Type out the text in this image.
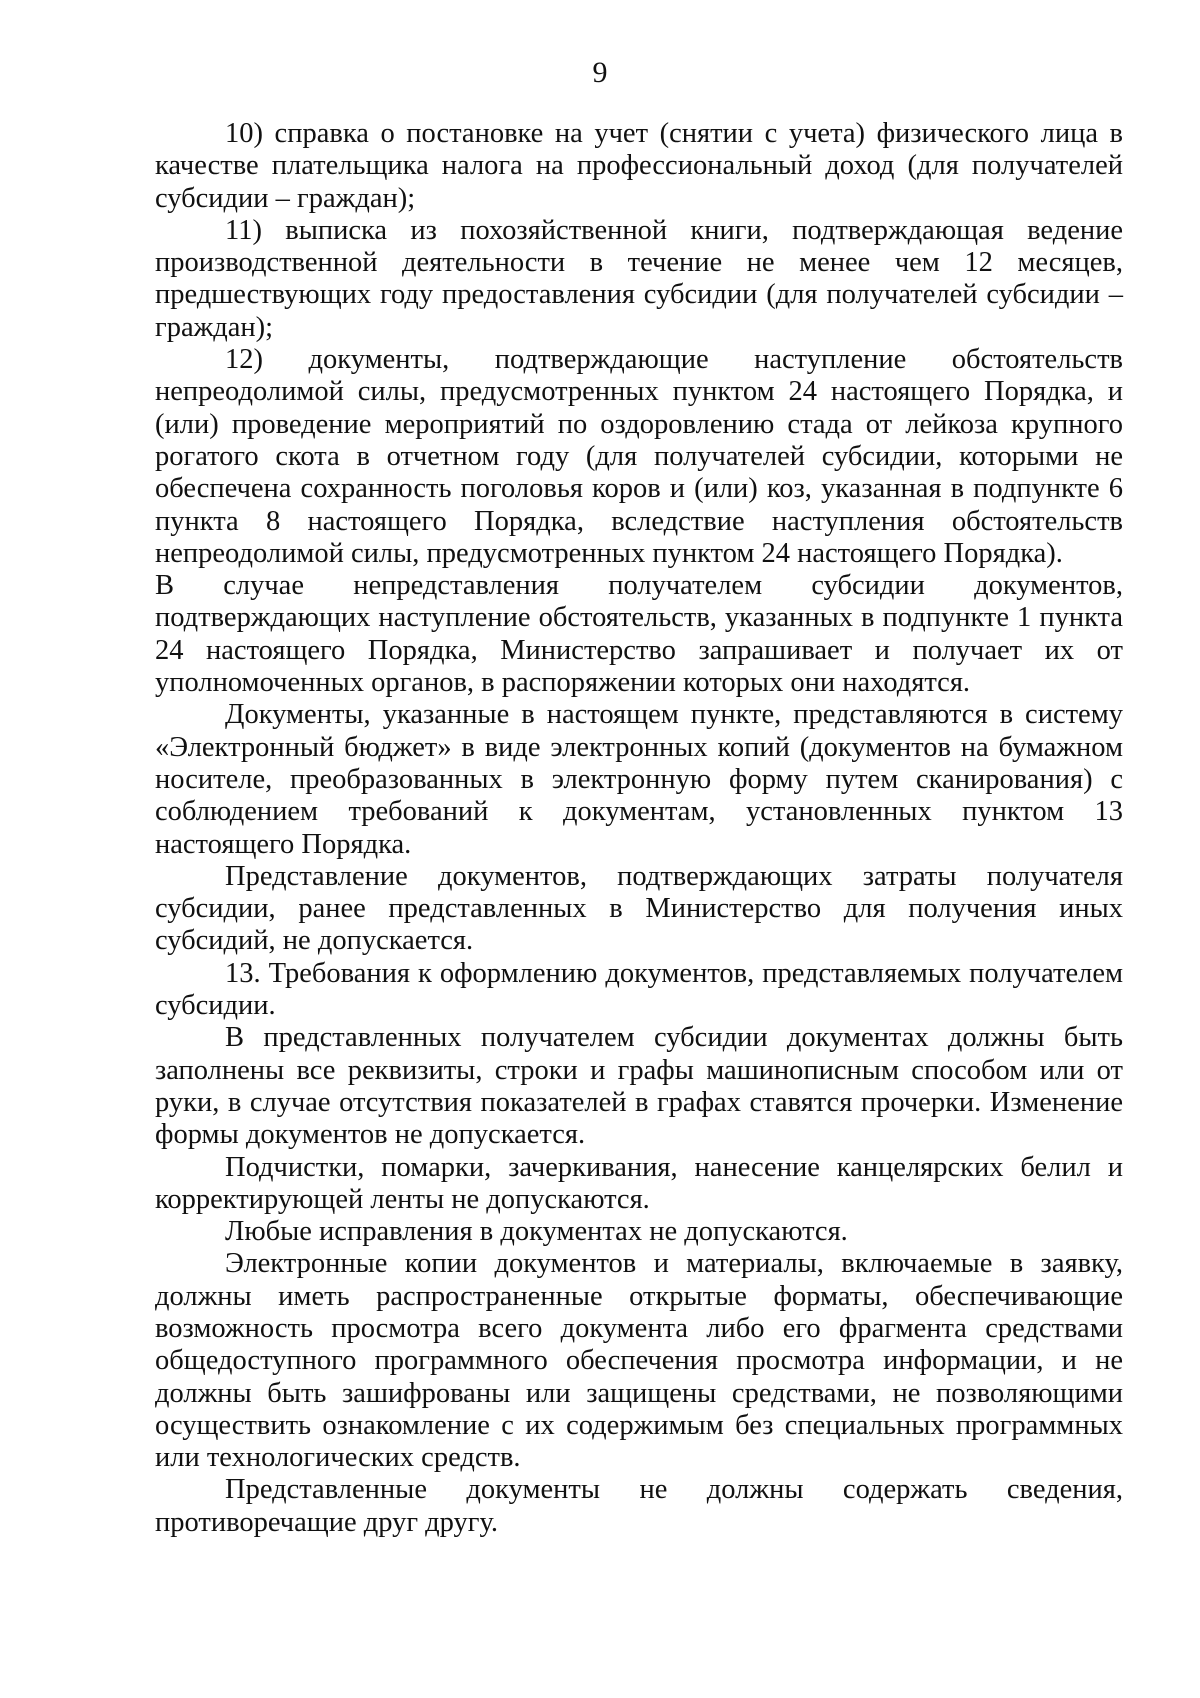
9

10) справка о постановке на учет (снятии с учета) физического лица в качестве плательщика налога на профессиональный доход (для получателей субсидии – граждан);

11) выписка из похозяйственной книги, подтверждающая ведение производственной деятельности в течение не менее чем 12 месяцев, предшествующих году предоставления субсидии (для получателей субсидии – граждан);

12) документы, подтверждающие наступление обстоятельств непреодолимой силы, предусмотренных пунктом 24 настоящего Порядка, и (или) проведение мероприятий по оздоровлению стада от лейкоза крупного рогатого скота в отчетном году (для получателей субсидии, которыми не обеспечена сохранность поголовья коров и (или) коз, указанная в подпункте 6 пункта 8 настоящего Порядка, вследствие наступления обстоятельств непреодолимой силы, предусмотренных пунктом 24 настоящего Порядка).

В случае непредставления получателем субсидии документов, подтверждающих наступление обстоятельств, указанных в подпункте 1 пункта 24 настоящего Порядка, Министерство запрашивает и получает их от уполномоченных органов, в распоряжении которых они находятся.

Документы, указанные в настоящем пункте, представляются в систему «Электронный бюджет» в виде электронных копий (документов на бумажном носителе, преобразованных в электронную форму путем сканирования) с соблюдением требований к документам, установленных пунктом 13 настоящего Порядка.

Представление документов, подтверждающих затраты получателя субсидии, ранее представленных в Министерство для получения иных субсидий, не допускается.

13. Требования к оформлению документов, представляемых получателем субсидии.

В представленных получателем субсидии документах должны быть заполнены все реквизиты, строки и графы машинописным способом или от руки, в случае отсутствия показателей в графах ставятся прочерки. Изменение формы документов не допускается.

Подчистки, помарки, зачеркивания, нанесение канцелярских белил и корректирующей ленты не допускаются.

Любые исправления в документах не допускаются.

Электронные копии документов и материалы, включаемые в заявку, должны иметь распространенные открытые форматы, обеспечивающие возможность просмотра всего документа либо его фрагмента средствами общедоступного программного обеспечения просмотра информации, и не должны быть зашифрованы или защищены средствами, не позволяющими осуществить ознакомление с их содержимым без специальных программных или технологических средств.

Представленные документы не должны содержать сведения, противоречащие друг другу.
